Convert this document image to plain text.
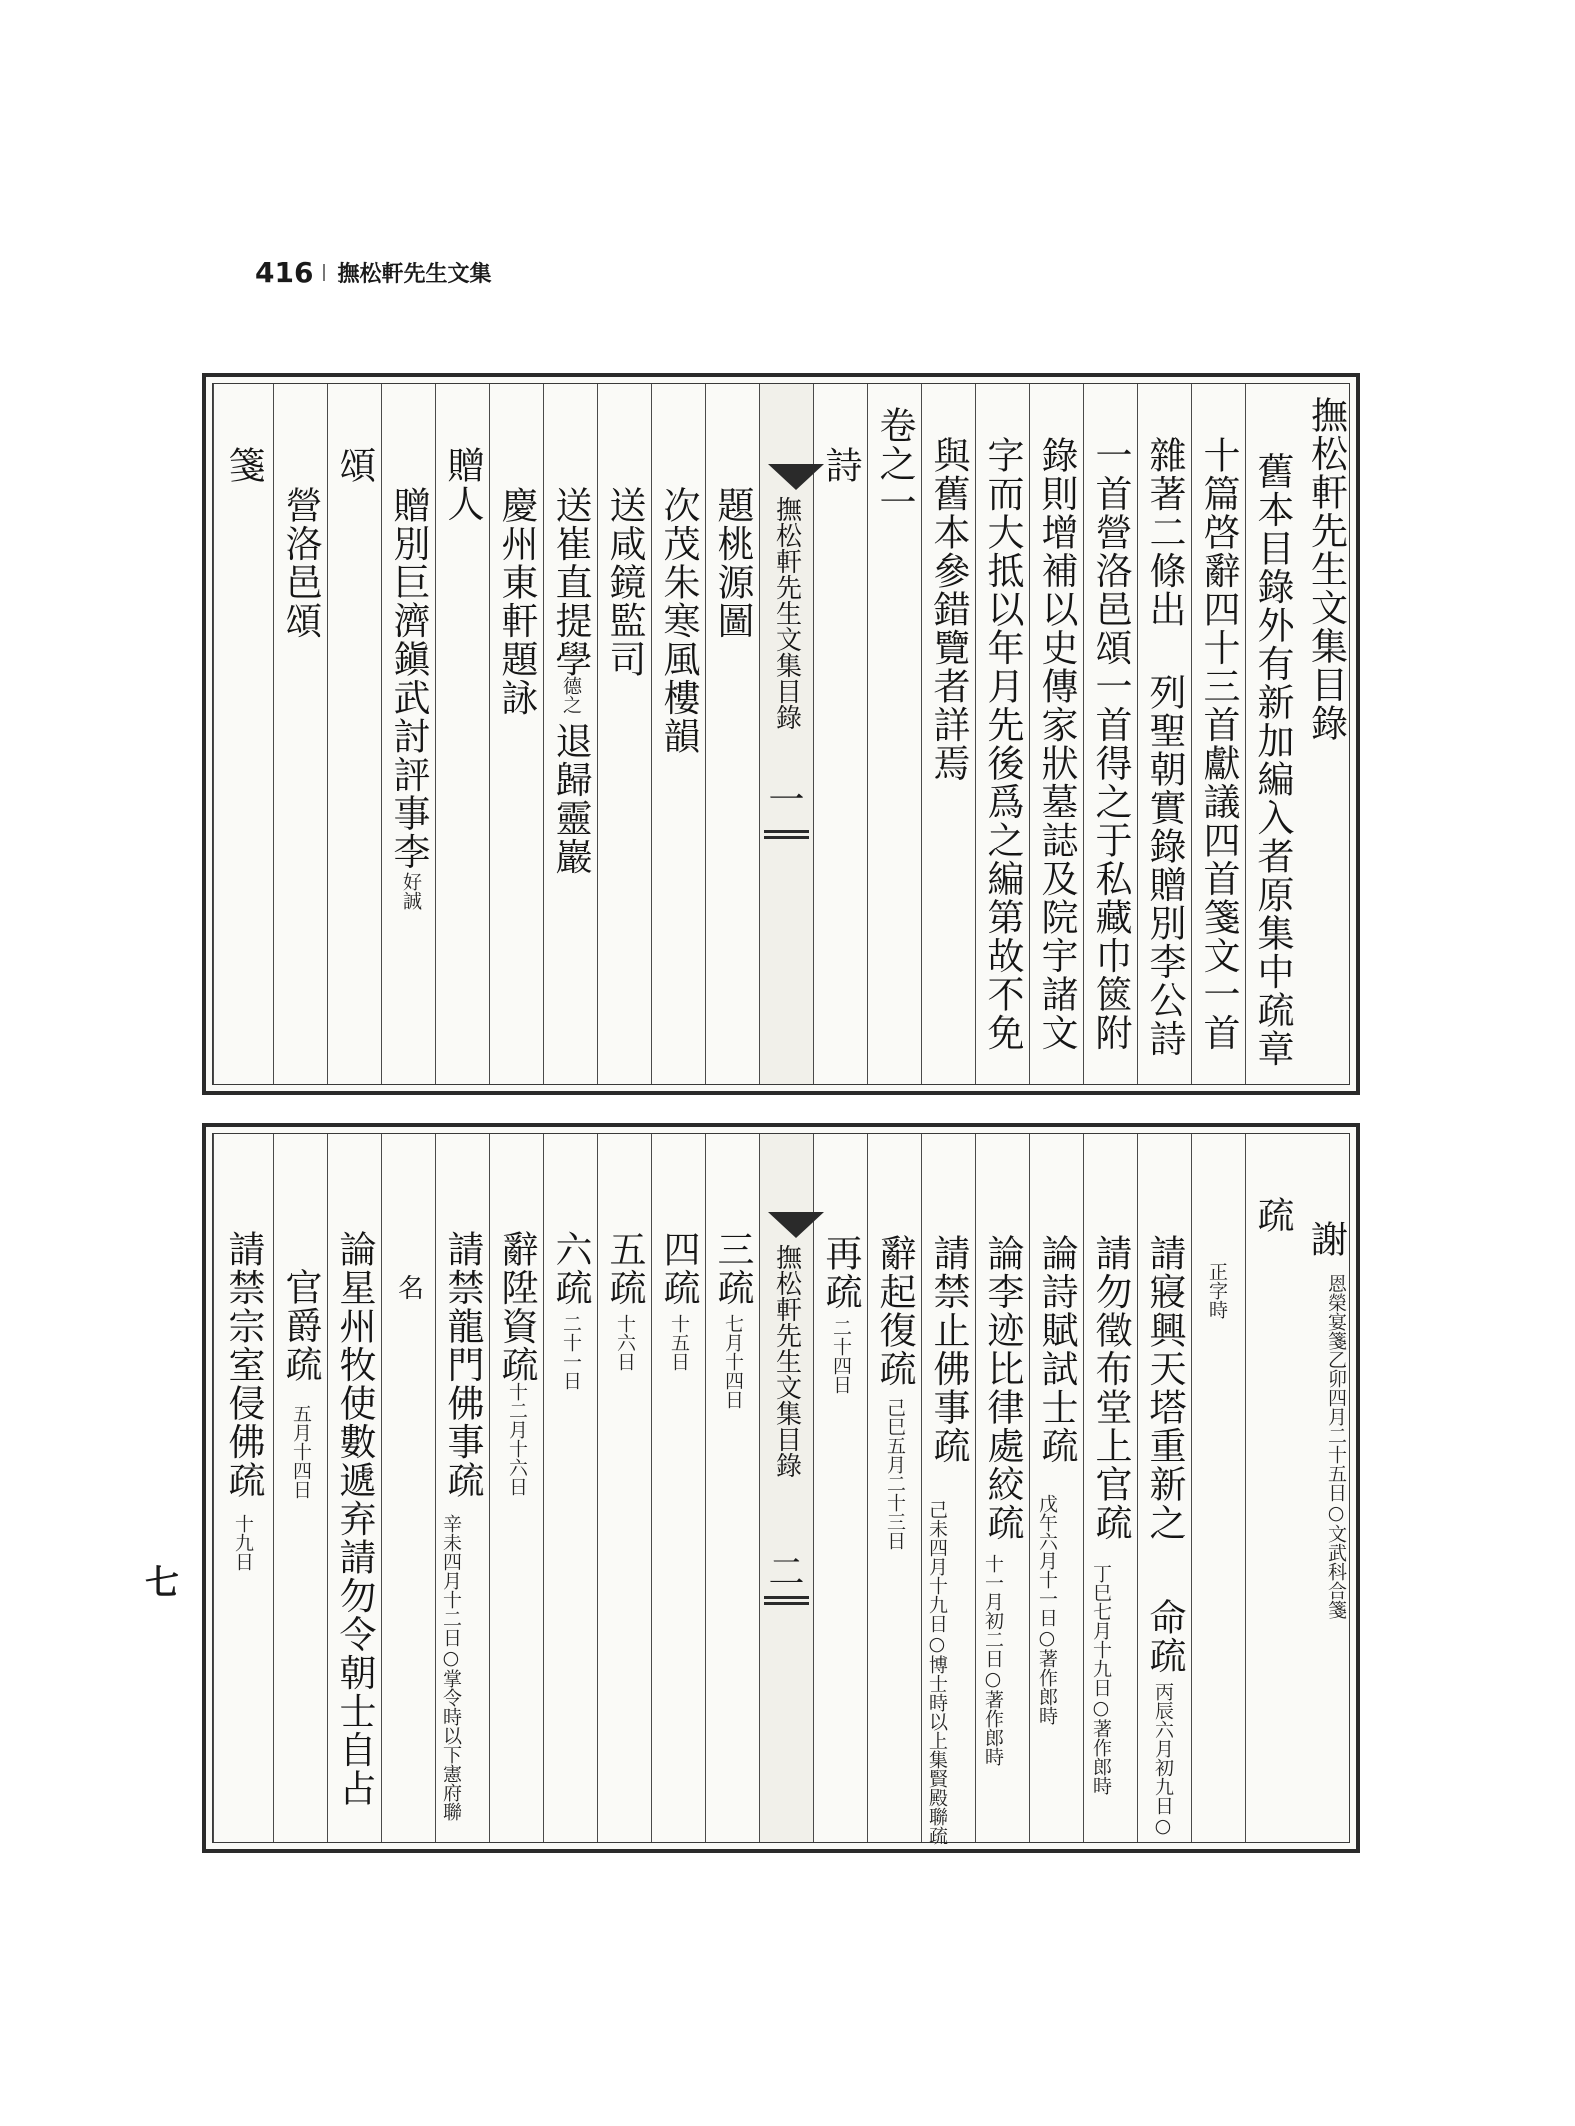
416 撫松軒先生文集
七
撫松軒先生文集目錄
舊本目錄外有新加編入者原集中疏章
十篇啓辭四十三首獻議四首箋文一首
雜著二條出 列聖朝實錄贈別李公詩
一首營洛邑頌一首得之于私藏巾篋附
錄則增補以史傳家狀墓誌及院宇諸文
字而大抵以年月先後爲之編第故不免
與舊本參錯覽者詳焉
卷之一
詩
撫松軒先生文集目錄
一
題桃源圖
次茂朱寒風樓韻
送咸鏡監司
送崔直提學
德之
退歸靈巖
慶州東軒題詠
贈人
贈別巨濟鎭武討評事李
好誠
頌
營洛邑頌
箋
謝
恩榮宴箋乙卯四月二十五日○文武科合箋
疏
正字時
請寢興天塔重新之
命疏
丙辰六月初九日○
請勿徵布堂上官疏
丁巳七月十九日○著作郎時
論詩賦試士疏
戊午六月十一日○著作郎時
論李迹比律處絞疏
十一月初二日○著作郎時
請禁止佛事疏
己未四月十九日○博士時以上集賢殿聯疏
辭起復疏
己巳五月二十三日
再疏
二十四日
撫松軒先生文集目錄
二
三疏
七月十四日
四疏
十五日
五疏
十六日
六疏
二十一日
辭陞資疏
十二月十六日
請禁龍門佛事疏
辛未四月十二日○掌令時以下憲府聯
名
論星州牧使數遞弃請勿令朝士自占
官爵疏
五月十四日
請禁宗室侵佛疏
十九日
